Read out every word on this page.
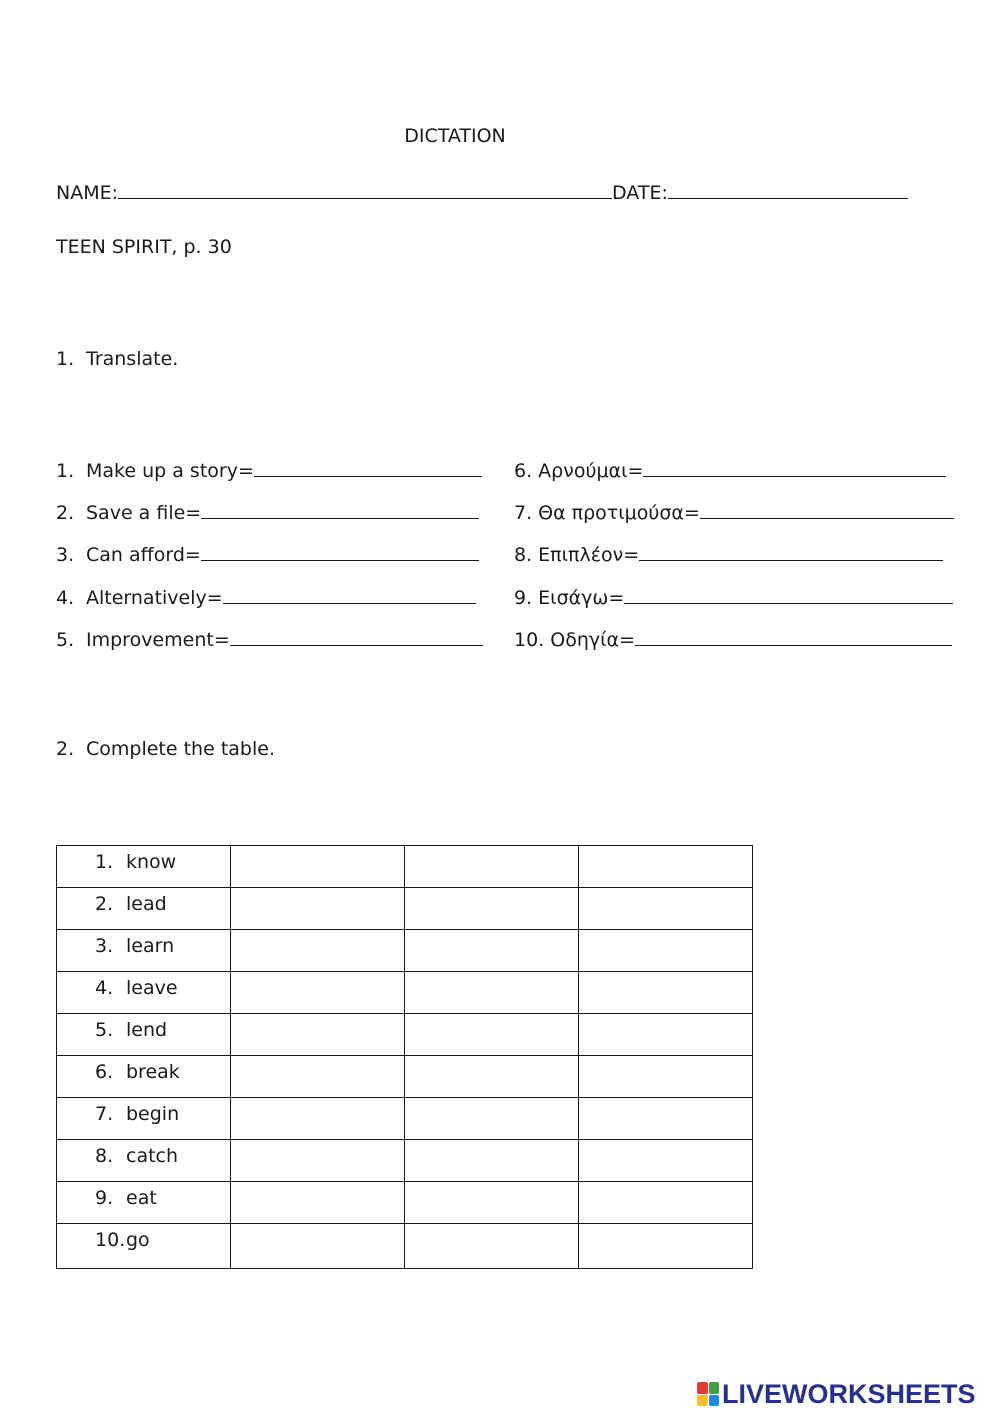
DICTATION
NAME:	DATE:
TEEN SPIRIT, p. 30
1. Translate.
1. Make up a story=
2. Save a file=
3. Can afford=
4. Alternatively=
5. Improvement=
6. Αρνούμαι=
7. Θα προτιμούσα=
8. Επιπλέον=
9. Εισάγω=
10. Οδηγία=
2. Complete the table.
1. know			

2. lead			

3. learn			

4. leave			

5. lend			

6. break			

7. begin			

8. catch			

9. eat			

10.go			

LIVEWORKSHEETS
